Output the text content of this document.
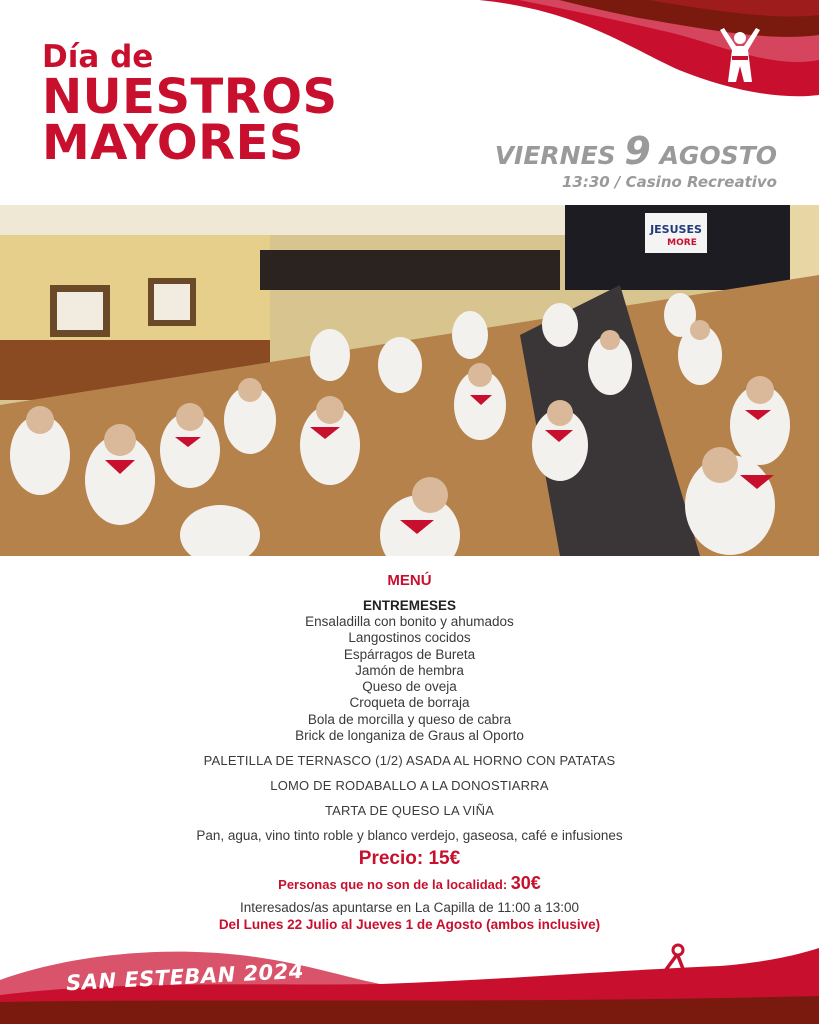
Día de
NUESTROS
MAYORES	VIERNES 9 AGOSTO
13:30 / Casino Recreativo
JESUSES
MORE
MENÚ
ENTREMESES
Ensaladilla con bonito y ahumados
Langostinos cocidos
Espárragos de Bureta
Jamón de hembra
Queso de oveja
Croqueta de borraja
Bola de morcilla y queso de cabra
Brick de longaniza de Graus al Oporto
PALETILLA DE TERNASCO (1/2) ASADA AL HORNO CON PATATAS
LOMO DE RODABALLO A LA DONOSTIARRA
TARTA DE QUESO LA VIÑA
Pan, agua, vino tinto roble y blanco verdejo, gaseosa, café e infusiones
Precio: 15€
Personas que no son de la localidad: 30€
Interesados/as apuntarse en La Capilla de 11:00 a 13:00
Del Lunes 22 Julio al Jueves 1 de Agosto (ambos inclusive)
SAN ESTEBAN 2024
